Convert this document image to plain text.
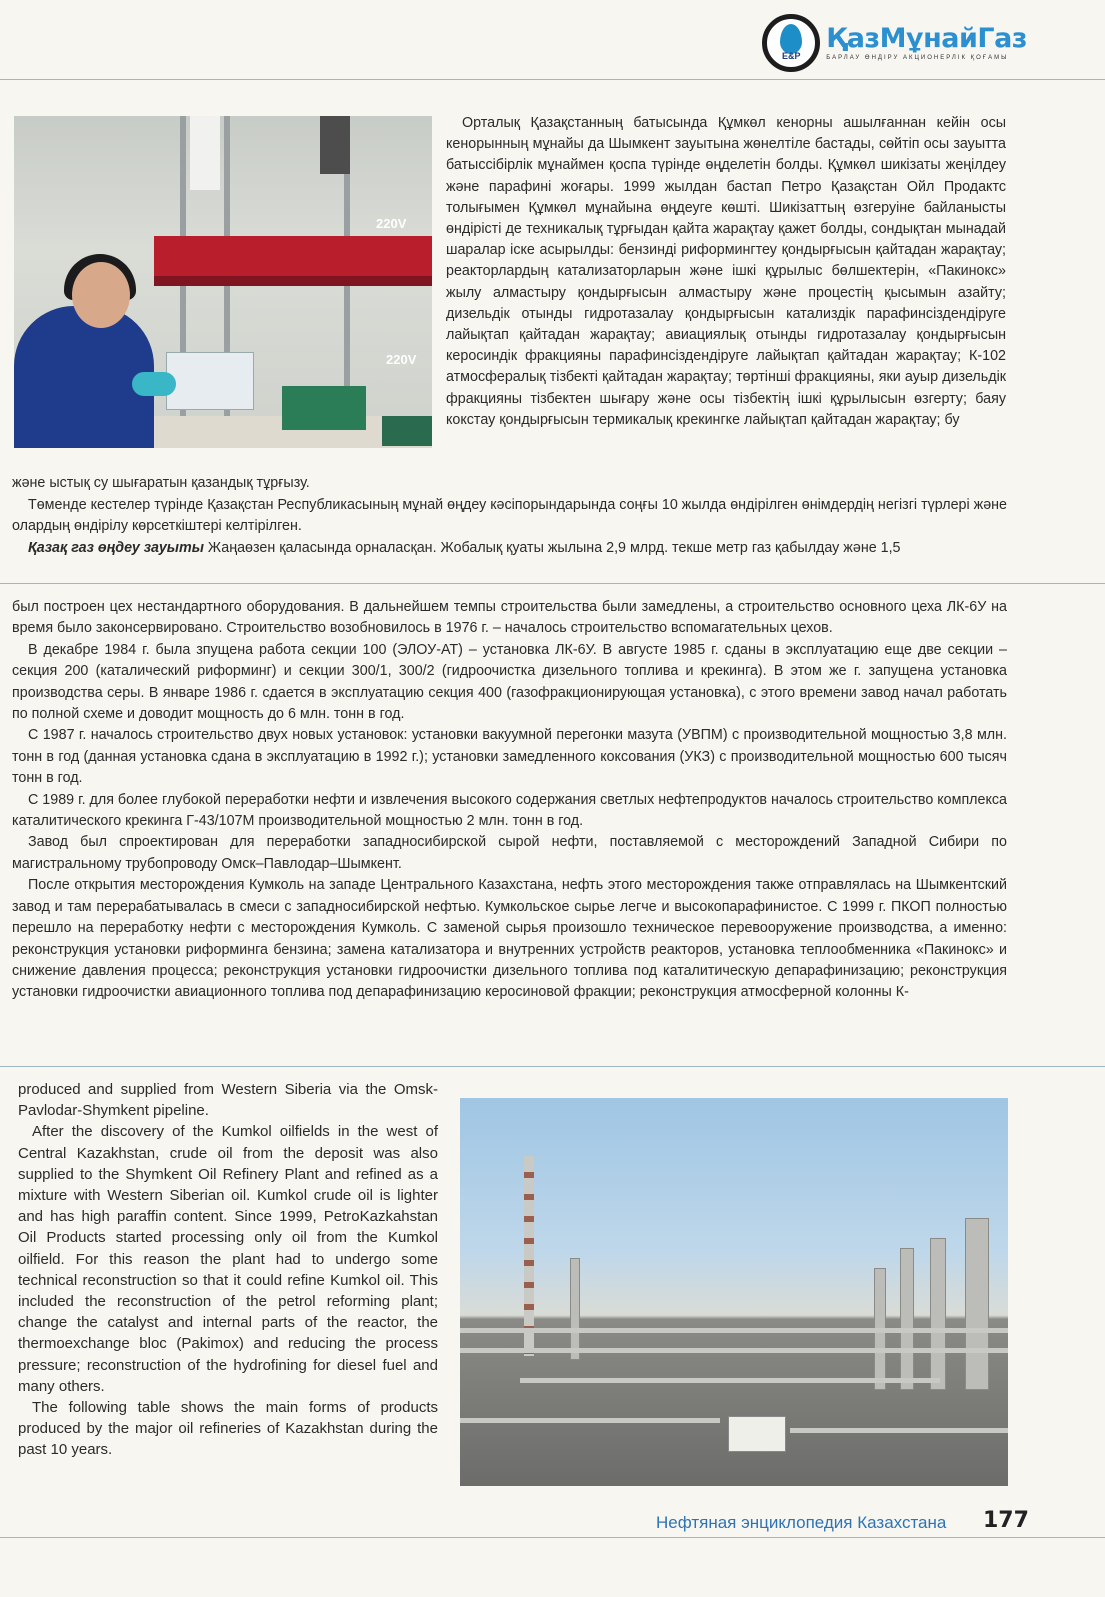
E&P
ҚазМұнайГаз
БАРЛАУ ӨНДІРУ АКЦИОНЕРЛІК ҚОҒАМЫ
220V
220V

Орталық Қазақстанның батысында Құмкөл кенорны ашылғаннан кейін осы кенорынның мұнайы да Шымкент зауытына жөнелтіле бастады, сөйтіп осы зауытта батыссібірлік мұнаймен қоспа түрінде өңделетін болды. Құмкөл шикізаты жеңілдеу және парафині жоғары. 1999 жылдан бастап Петро Қазақстан Ойл Продактс толығымен Құмкөл мұнайына өңдеуге көшті. Шикізаттың өзгеруіне байланысты өндірісті де техникалық тұрғыдан қайта жарақтау қажет болды, сондықтан мынадай шаралар іске асырылды: бензинді риформингтеу қондырғысын қайтадан жарақтау; реакторлардың катализаторларын және ішкі құрылыс бөлшектерін, «Пакинокс» жылу алмастыру қондырғысын алмастыру және процестің қысымын азайту; дизельдік отынды гидротазалау қондырғысын катализдік парафинсіздендіруге лайықтап қайтадан жарақтау; авиациялық отынды гидротазалау қондырғысын керосиндік фракцияны парафинсіздендіруге лайықтап қайтадан жарақтау; К-102 атмосфералық тізбекті қайтадан жарақтау; төртінші фракцияны, яки ауыр дизельдік фракцияны тізбектен шығару және осы тізбектің ішкі құрылысын өзгерту; баяу кокстау қондырғысын термикалық крекингке лайықтап қайтадан жарақтау; бу

және ыстық су шығаратын қазандық тұрғызу.

Төменде кестелер түрінде Қазақстан Республикасының мұнай өңдеу кәсіпорындарында соңғы 10 жылда өндірілген өнімдердің негізгі түрлері және олардың өндірілу көрсеткіштері келтірілген.

Қазақ газ өңдеу зауыты Жаңаөзен қаласында орналасқан. Жобалық қуаты жылына 2,9 млрд. текше метр газ қабылдау және 1,5

был построен цех нестандартного оборудования. В дальнейшем темпы строительства были замедлены, а строительство основного цеха ЛК-6У на время было законсервировано. Строительство возобновилось в 1976 г. – началось строительство вспомагательных цехов.

В декабре 1984 г. была зпущена работа секции 100 (ЭЛОУ-АТ) – установка ЛК-6У. В августе 1985 г. сданы в эксплуатацию еще две секции – секция 200 (каталический риформинг) и секции 300/1, 300/2 (гидроочистка дизельного топлива и крекинга). В этом же г. запущена установка производства серы. В январе 1986 г. сдается в эксплуатацию секция 400 (газофракционирующая установка), с этого времени завод начал работать по полной схеме и доводит мощность до 6 млн. тонн в год.

С 1987 г. началось строительство двух новых установок: установки вакуумной перегонки мазута (УВПМ) с производительной мощностью 3,8 млн. тонн в год (данная установка сдана в эксплуатацию в 1992 г.); установки замедленного коксования (УКЗ) с производительной мощностью 600 тысяч тонн в год.

С 1989 г. для более глубокой переработки нефти и извлечения высокого содержания светлых нефтепродуктов началось строительство комплекса каталитического крекинга Г-43/107М производительной мощностью 2 млн. тонн в год.

Завод был спроектирован для переработки западносибирской сырой нефти, поставляемой с месторождений Западной Сибири по магистральному трубопроводу Омск–Павлодар–Шымкент.

После открытия месторождения Кумколь на западе Центрального Казахстана, нефть этого месторождения также отправлялась на Шымкентский завод и там перерабатывалась в смеси с западносибирской нефтью. Кумкольское сырье легче и высокопарафинистое. С 1999 г. ПКОП полностью перешло на переработку нефти с месторождения Кумколь. С заменой сырья произошло техническое перевооружение производства, а именно: реконструкция установки риформинга бензина; замена катализатора и внутренних устройств реакторов, установка теплообменника «Пакинокс» и снижение давления процесса; реконструкция установки гидроочистки дизельного топлива под каталитическую депарафинизацию; реконструкция установки гидроочистки авиационного топлива под депарафинизацию керосиновой фракции; реконструкция атмосферной колонны К-

produced and supplied from Western Siberia via the Omsk-Pavlodar-Shymkent pipeline.

After the discovery of the Kumkol oilfields in the west of Central Kazakhstan, crude oil from the deposit was also supplied to the Shymkent Oil Refinery Plant and refined as a mixture with Western Siberian oil. Kumkol crude oil is lighter and has high paraffin content. Since 1999, PetroKazkahstan Oil Products started processing only oil from the Kumkol oilfield. For this reason the plant had to undergo some technical reconstruction so that it could refine Kumkol oil. This included the reconstruction of the petrol reforming plant; change the catalyst and internal parts of the reactor, the thermoexchange bloc (Pakimox) and reducing the process pressure; reconstruction of the hydrofining for diesel fuel and many others.

The following table shows the main forms of products produced by the major oil refineries of Kazakhstan during the past 10 years.

Нефтяная энциклопедия Казахстана 177
